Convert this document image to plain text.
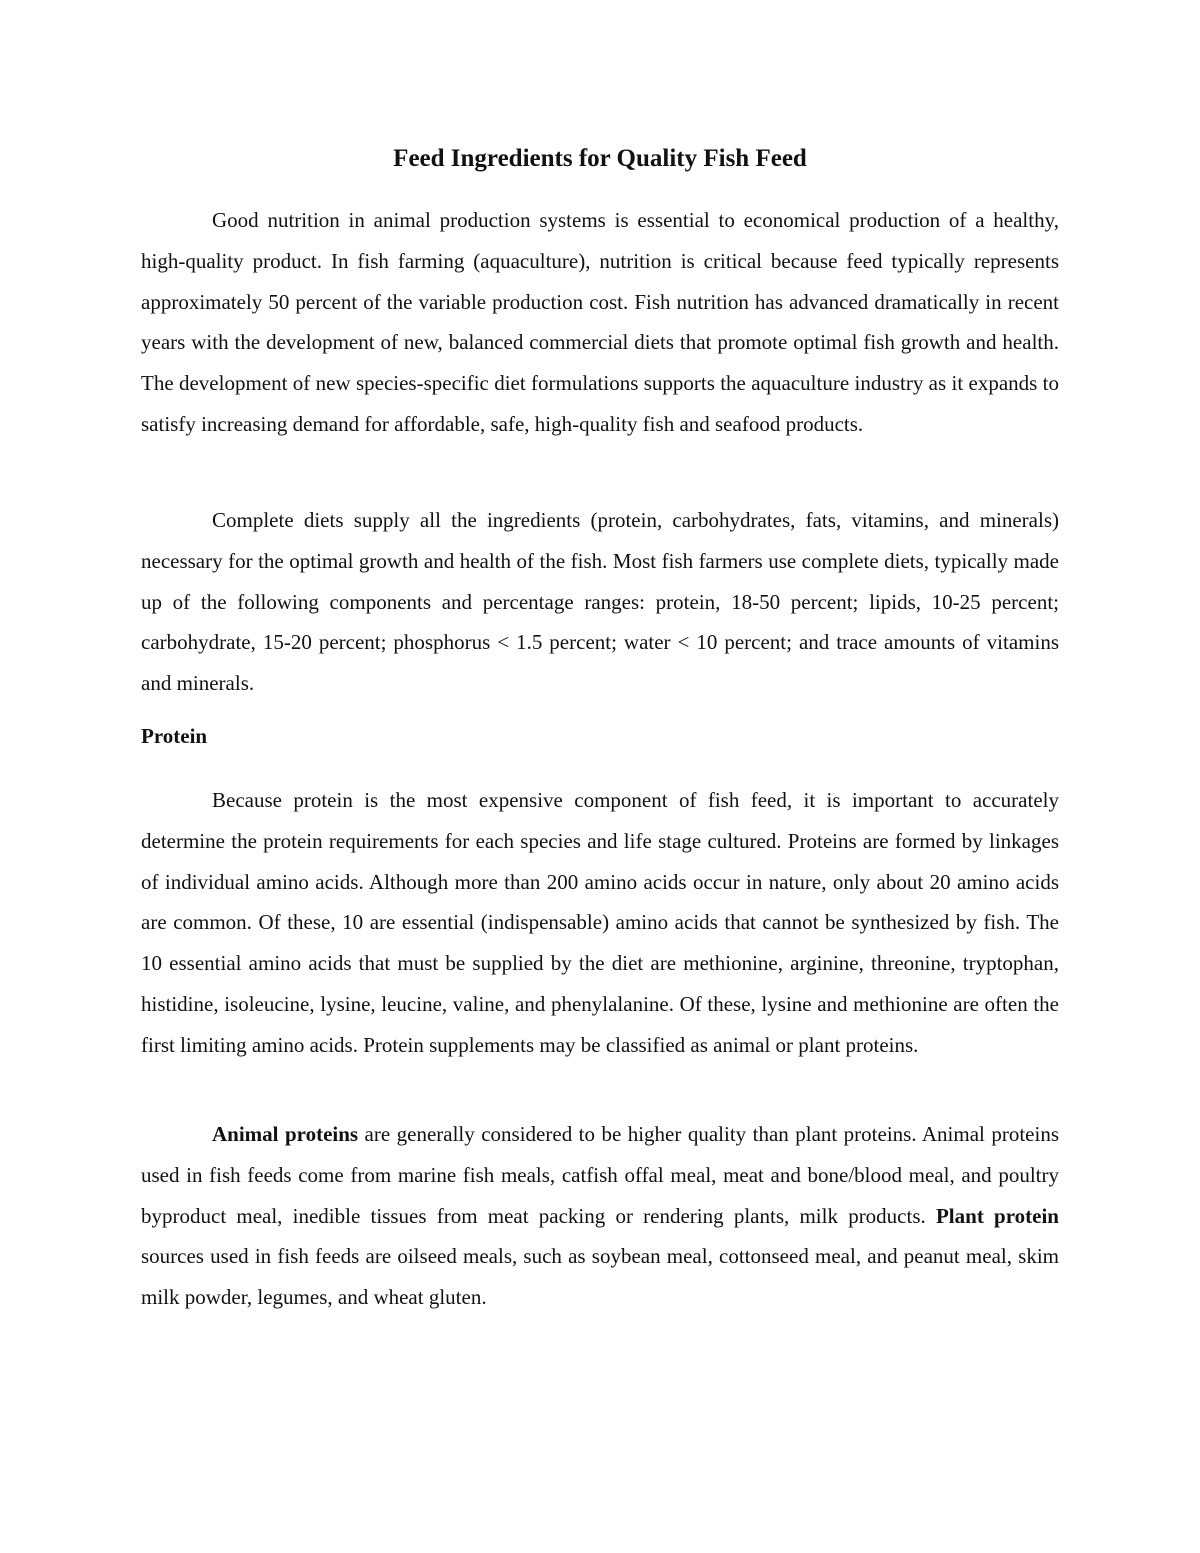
Feed Ingredients for Quality Fish Feed

Good nutrition in animal production systems is essential to economical production of a healthy, high-quality product. In fish farming (aquaculture), nutrition is critical because feed typically represents approximately 50 percent of the variable production cost. Fish nutrition has advanced dramatically in recent years with the development of new, balanced commercial diets that promote optimal fish growth and health. The development of new species-specific diet formulations supports the aquaculture industry as it expands to satisfy increasing demand for affordable, safe, high-quality fish and seafood products.

Complete diets supply all the ingredients (protein, carbohydrates, fats, vitamins, and minerals) necessary for the optimal growth and health of the fish. Most fish farmers use complete diets, typically made up of the following components and percentage ranges: protein, 18-50 percent; lipids, 10-25 percent; carbohydrate, 15-20 percent; phosphorus < 1.5 percent; water < 10 percent; and trace amounts of vitamins and minerals.

Protein

Because protein is the most expensive component of fish feed, it is important to accurately determine the protein requirements for each species and life stage cultured. Proteins are formed by linkages of individual amino acids. Although more than 200 amino acids occur in nature, only about 20 amino acids are common. Of these, 10 are essential (indispensable) amino acids that cannot be synthesized by fish. The 10 essential amino acids that must be supplied by the diet are methionine, arginine, threonine, tryptophan, histidine, isoleucine, lysine, leucine, valine, and phenylalanine. Of these, lysine and methionine are often the first limiting amino acids. Protein supplements may be classified as animal or plant proteins.

Animal proteins are generally considered to be higher quality than plant proteins. Animal proteins used in fish feeds come from marine fish meals, catfish offal meal, meat and bone/blood meal, and poultry byproduct meal, inedible tissues from meat packing or rendering plants, milk products. Plant protein sources used in fish feeds are oilseed meals, such as soybean meal, cottonseed meal, and peanut meal, skim milk powder, legumes, and wheat gluten.
